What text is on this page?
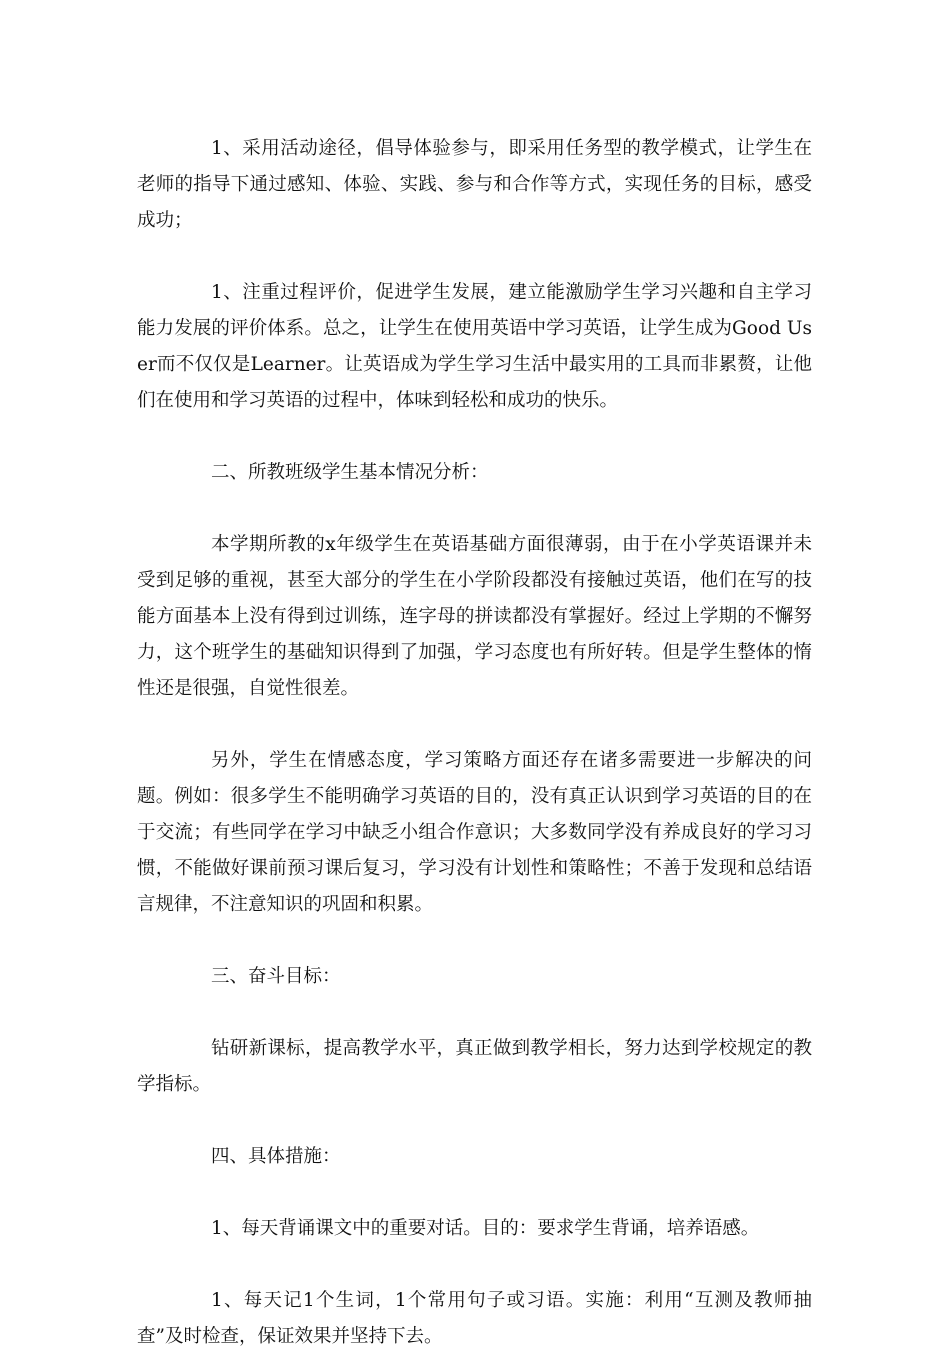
1、采用活动途径，倡导体验参与，即采用任务型的教学模式，让学生在老师的指导下通过感知、体验、实践、参与和合作等方式，实现任务的目标，感受成功；

1、注重过程评价，促进学生发展，建立能激励学生学习兴趣和自主学习能力发展的评价体系。总之，让学生在使用英语中学习英语，让学生成为Good User而不仅仅是Learner。让英语成为学生学习生活中最实用的工具而非累赘，让他们在使用和学习英语的过程中，体味到轻松和成功的快乐。

二、所教班级学生基本情况分析：

本学期所教的x年级学生在英语基础方面很薄弱，由于在小学英语课并未受到足够的重视，甚至大部分的学生在小学阶段都没有接触过英语，他们在写的技能方面基本上没有得到过训练，连字母的拼读都没有掌握好。经过上学期的不懈努力，这个班学生的基础知识得到了加强，学习态度也有所好转。但是学生整体的惰性还是很强，自觉性很差。

另外，学生在情感态度，学习策略方面还存在诸多需要进一步解决的问题。例如：很多学生不能明确学习英语的目的，没有真正认识到学习英语的目的在于交流；有些同学在学习中缺乏小组合作意识；大多数同学没有养成良好的学习习惯，不能做好课前预习课后复习，学习没有计划性和策略性；不善于发现和总结语言规律，不注意知识的巩固和积累。

三、奋斗目标：

钻研新课标，提高教学水平，真正做到教学相长，努力达到学校规定的教学指标。

四、具体措施：

1、每天背诵课文中的重要对话。目的：要求学生背诵，培养语感。

1、每天记1个生词，1个常用句子或习语。实施：利用“互测及教师抽查”及时检查，保证效果并坚持下去。
